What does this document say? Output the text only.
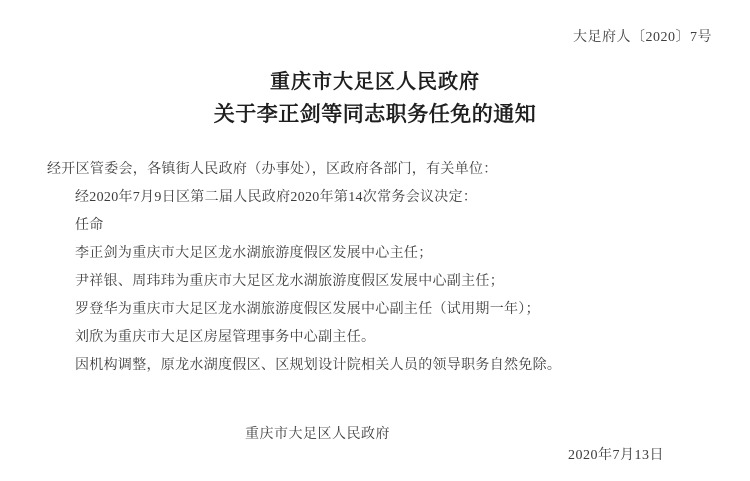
大足府人〔2020〕7号
重庆市大足区人民政府
关于李正剑等同志职务任免的通知

经开区管委会，各镇街人民政府（办事处），区政府各部门，有关单位：

经2020年7月9日区第二届人民政府2020年第14次常务会议决定：

任命

李正剑为重庆市大足区龙水湖旅游度假区发展中心主任；

尹祥银、周玮玮为重庆市大足区龙水湖旅游度假区发展中心副主任；

罗登华为重庆市大足区龙水湖旅游度假区发展中心副主任（试用期一年）；

刘欣为重庆市大足区房屋管理事务中心副主任。

因机构调整，原龙水湖度假区、区规划设计院相关人员的领导职务自然免除。

重庆市大足区人民政府
2020年7月13日
